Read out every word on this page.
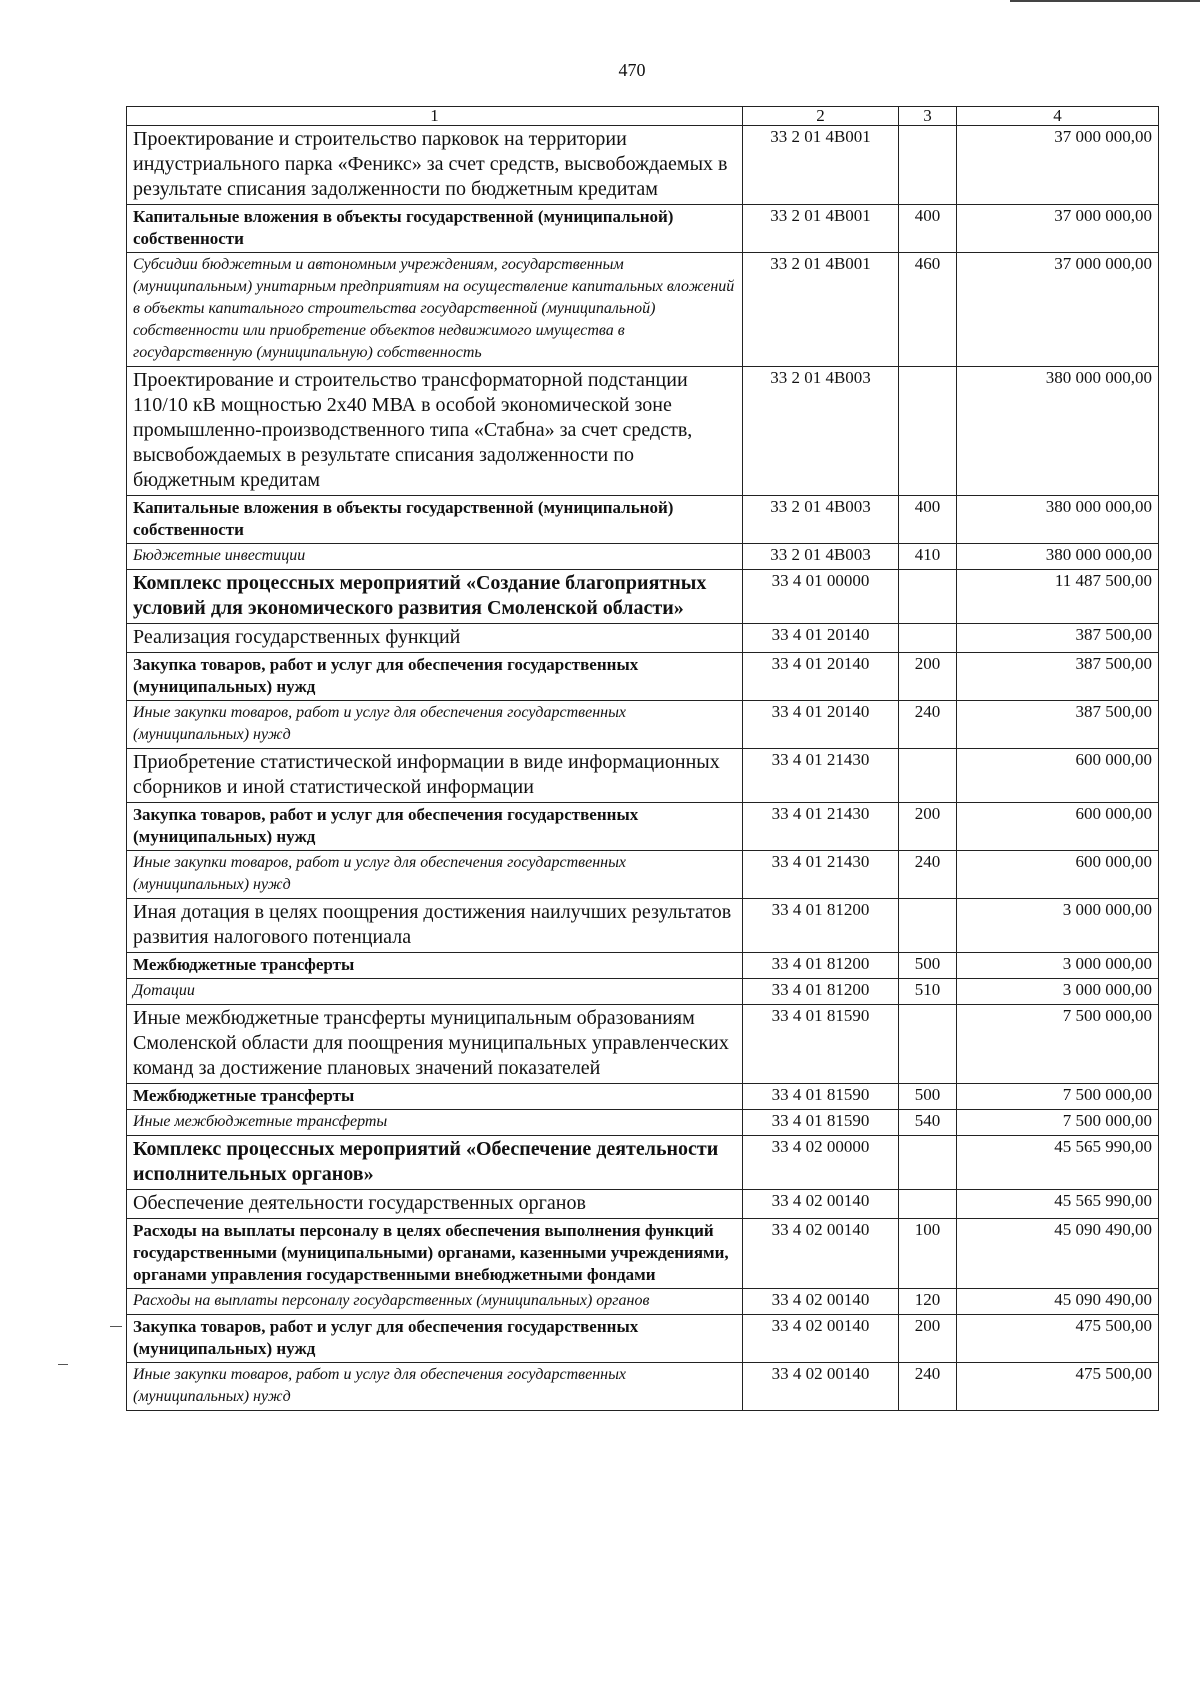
470
1	2	3	4
Проектирование и строительство парковок на территории индустриального парка «Феникс» за счет средств, высвобождаемых в результате списания задолженности по бюджетным кредитам	33 2 01 4В001		37 000 000,00
Капитальные вложения в объекты государственной (муниципальной) собственности	33 2 01 4В001	400	37 000 000,00
Субсидии бюджетным и автономным учреждениям, государственным (муниципальным) унитарным предприятиям на осуществление капитальных вложений в объекты капитального строительства государственной (муниципальной) собственности или приобретение объектов недвижимого имущества в государственную (муниципальную) собственность	33 2 01 4В001	460	37 000 000,00
Проектирование и строительство трансформаторной подстанции 110/10 кВ мощностью 2х40 МВА в особой экономической зоне промышленно-производственного типа «Стабна» за счет средств, высвобождаемых в результате списания задолженности по бюджетным кредитам	33 2 01 4В003		380 000 000,00
Капитальные вложения в объекты государственной (муниципальной) собственности	33 2 01 4В003	400	380 000 000,00
Бюджетные инвестиции	33 2 01 4В003	410	380 000 000,00
Комплекс процессных мероприятий «Создание благоприятных условий для экономического развития Смоленской области»	33 4 01 00000		11 487 500,00
Реализация государственных функций	33 4 01 20140		387 500,00
Закупка товаров, работ и услуг для обеспечения государственных (муниципальных) нужд	33 4 01 20140	200	387 500,00
Иные закупки товаров, работ и услуг для обеспечения государственных (муниципальных) нужд	33 4 01 20140	240	387 500,00
Приобретение статистической информации в виде информационных сборников и иной статистической информации	33 4 01 21430		600 000,00
Закупка товаров, работ и услуг для обеспечения государственных (муниципальных) нужд	33 4 01 21430	200	600 000,00
Иные закупки товаров, работ и услуг для обеспечения государственных (муниципальных) нужд	33 4 01 21430	240	600 000,00
Иная дотация в целях поощрения достижения наилучших результатов развития налогового потенциала	33 4 01 81200		3 000 000,00
Межбюджетные трансферты	33 4 01 81200	500	3 000 000,00
Дотации	33 4 01 81200	510	3 000 000,00
Иные межбюджетные трансферты муниципальным образованиям Смоленской области для поощрения муниципальных управленческих команд за достижение плановых значений показателей	33 4 01 81590		7 500 000,00
Межбюджетные трансферты	33 4 01 81590	500	7 500 000,00
Иные межбюджетные трансферты	33 4 01 81590	540	7 500 000,00
Комплекс процессных мероприятий «Обеспечение деятельности исполнительных органов»	33 4 02 00000		45 565 990,00
Обеспечение деятельности государственных органов	33 4 02 00140		45 565 990,00
Расходы на выплаты персоналу в целях обеспечения выполнения функций государственными (муниципальными) органами, казенными учреждениями, органами управления государственными внебюджетными фондами	33 4 02 00140	100	45 090 490,00
Расходы на выплаты персоналу государственных (муниципальных) органов	33 4 02 00140	120	45 090 490,00
Закупка товаров, работ и услуг для обеспечения государственных (муниципальных) нужд	33 4 02 00140	200	475 500,00
Иные закупки товаров, работ и услуг для обеспечения государственных (муниципальных) нужд	33 4 02 00140	240	475 500,00
